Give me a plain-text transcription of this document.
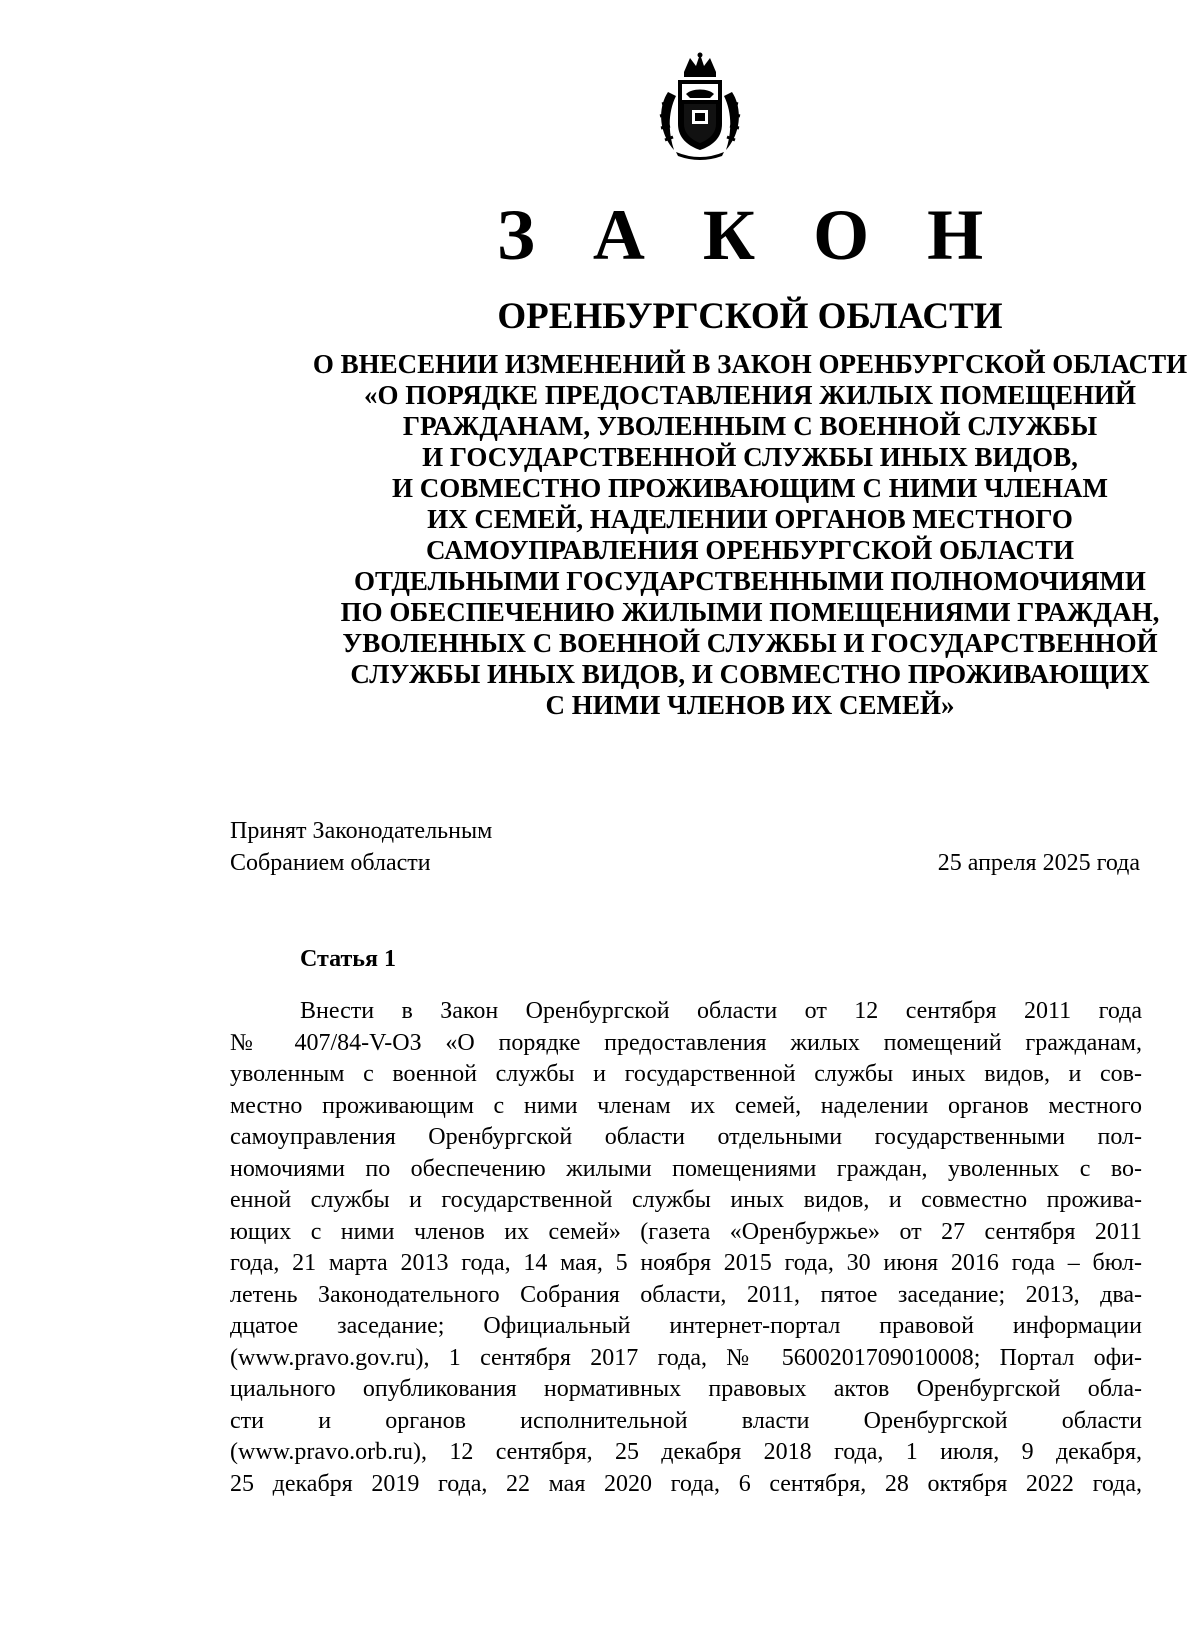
З А К О Н
ОРЕНБУРГСКОЙ ОБЛАСТИ
О ВНЕСЕНИИ ИЗМЕНЕНИЙ В ЗАКОН ОРЕНБУРГСКОЙ ОБЛАСТИ
«О ПОРЯДКЕ ПРЕДОСТАВЛЕНИЯ ЖИЛЫХ ПОМЕЩЕНИЙ
ГРАЖДАНАМ, УВОЛЕННЫМ С ВОЕННОЙ СЛУЖБЫ
И ГОСУДАРСТВЕННОЙ СЛУЖБЫ ИНЫХ ВИДОВ,
И СОВМЕСТНО ПРОЖИВАЮЩИМ С НИМИ ЧЛЕНАМ
ИХ СЕМЕЙ, НАДЕЛЕНИИ ОРГАНОВ МЕСТНОГО
САМОУПРАВЛЕНИЯ ОРЕНБУРГСКОЙ ОБЛАСТИ
ОТДЕЛЬНЫМИ ГОСУДАРСТВЕННЫМИ ПОЛНОМОЧИЯМИ
ПО ОБЕСПЕЧЕНИЮ ЖИЛЫМИ ПОМЕЩЕНИЯМИ ГРАЖДАН,
УВОЛЕННЫХ С ВОЕННОЙ СЛУЖБЫ И ГОСУДАРСТВЕННОЙ
СЛУЖБЫ ИНЫХ ВИДОВ, И СОВМЕСТНО ПРОЖИВАЮЩИХ
С НИМИ ЧЛЕНОВ ИХ СЕМЕЙ»
Принят Законодательным
Собранием области	25 апреля 2025 года
Статья 1
Внести в Закон Оренбургской области от 12 сентября 2011 года
№ 407/84-V-ОЗ «О порядке предоставления жилых помещений гражданам,
уволенным с военной службы и государственной службы иных видов, и сов-
местно проживающим с ними членам их семей, наделении органов местного
самоуправления Оренбургской области отдельными государственными пол-
номочиями по обеспечению жилыми помещениями граждан, уволенных с во-
енной службы и государственной службы иных видов, и совместно прожива-
ющих с ними членов их семей» (газета «Оренбуржье» от 27 сентября 2011
года, 21 марта 2013 года, 14 мая, 5 ноября 2015 года, 30 июня 2016 года – бюл-
летень Законодательного Собрания области, 2011, пятое заседание; 2013, два-
дцатое заседание; Официальный интернет-портал правовой информации
(www.pravo.gov.ru), 1 сентября 2017 года, № 5600201709010008; Портал офи-
циального опубликования нормативных правовых актов Оренбургской обла-
сти и органов исполнительной власти Оренбургской области
(www.pravo.orb.ru), 12 сентября, 25 декабря 2018 года, 1 июля, 9 декабря,
25 декабря 2019 года, 22 мая 2020 года, 6 сентября, 28 октября 2022 года,
